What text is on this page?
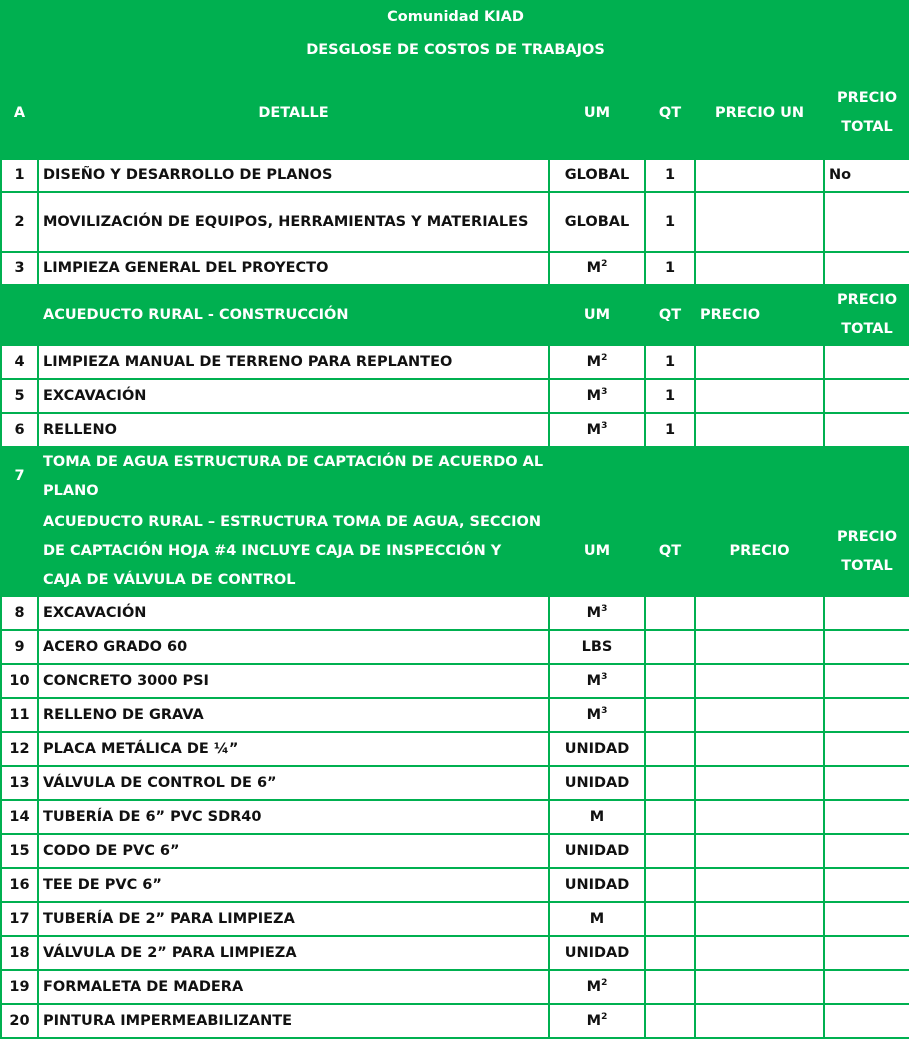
Comunidad KIAD					
DESGLOSE DE COSTOS DE TRABAJOS					
A	DETALLE	UM	QT	PRECIO UN	PRECIO TOTAL
1	DISEÑO Y DESARROLLO DE PLANOS	GLOBAL	1		No
2	MOVILIZACIÓN DE EQUIPOS, HERRAMIENTAS Y MATERIALES	GLOBAL	1		
3	LIMPIEZA GENERAL DEL PROYECTO	$M^2$	1		
	ACUEDUCTO RURAL - CONSTRUCCIÓN	UM	QT	PRECIO	PRECIO TOTAL
4	LIMPIEZA MANUAL DE TERRENO PARA REPLANTEO	$M^2$	1		
5	EXCAVACIÓN	$M^3$	1		
6	RELLENO	$M^3$	1		
7	TOMA DE AGUA ESTRUCTURA DE CAPTACIÓN DE ACUERDO AL PLANO				
	ACUEDUCTO RURAL – ESTRUCTURA TOMA DE AGUA, SECCION DE CAPTACIÓN HOJA #4 INCLUYE CAJA DE INSPECCIÓN Y CAJA DE VÁLVULA DE CONTROL	UM	QT	PRECIO	PRECIO TOTAL
8	EXCAVACIÓN	$M^3$			
9	ACERO GRADO 60	LBS			
10	CONCRETO 3000 PSI	$M^3$			
11	RELLENO DE GRAVA	$M^3$			
12	PLACA METÁLICA DE ¼”	UNIDAD			
13	VÁLVULA DE CONTROL DE 6”	UNIDAD			
14	TUBERÍA DE 6” PVC SDR40	M			
15	CODO DE PVC 6”	UNIDAD			
16	TEE DE PVC 6”	UNIDAD			
17	TUBERÍA DE 2” PARA LIMPIEZA	M			
18	VÁLVULA DE 2” PARA LIMPIEZA	UNIDAD			
19	FORMALETA DE MADERA	$M^2$			
20	PINTURA IMPERMEABILIZANTE	$M^2$			
